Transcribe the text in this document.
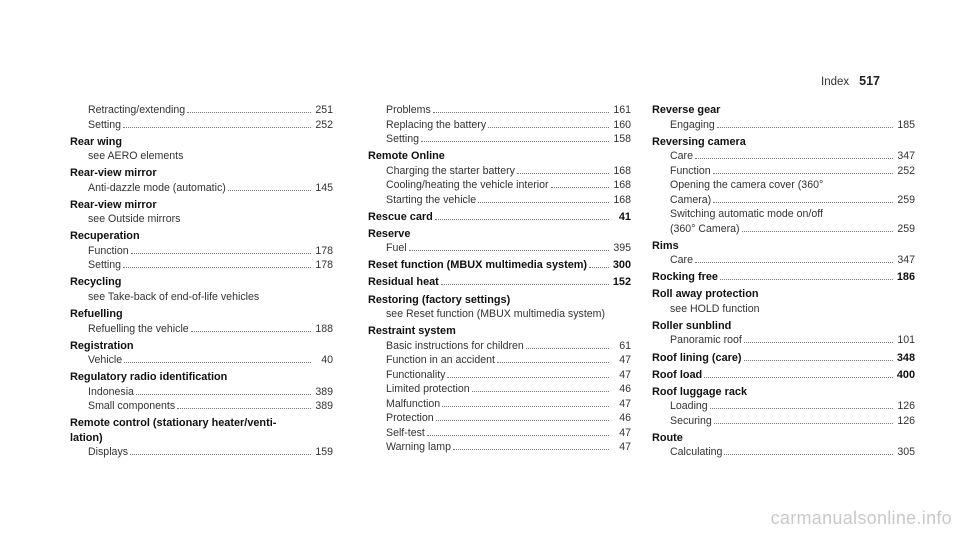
Index 517
Retracting/extending	251
Setting	252
Rear wing
see AERO elements
Rear-view mirror
Anti-dazzle mode (automatic)	145
Rear-view mirror
see Outside mirrors
Recuperation
Function	178
Setting	178
Recycling
see Take-back of end-of-life vehicles
Refuelling
Refuelling the vehicle	188
Registration
Vehicle	40
Regulatory radio identification
Indonesia	389
Small components	389
Remote control (stationary heater/venti-
lation)
Displays	159
Problems	161
Replacing the battery	160
Setting	158
Remote Online
Charging the starter battery	168
Cooling/heating the vehicle interior	168
Starting the vehicle	168
Rescue card	41
Reserve
Fuel	395
Reset function (MBUX multimedia system) 300
Residual heat	152
Restoring (factory settings)
see Reset function (MBUX multimedia system)
Restraint system
Basic instructions for children	61
Function in an accident	47
Functionality	47
Limited protection	46
Malfunction	47
Protection	46
Self-test	47
Warning lamp	47
Reverse gear
Engaging	185
Reversing camera
Care	347
Function	252
Opening the camera cover (360°
Camera)	259
Switching automatic mode on/off
(360° Camera)	259
Rims
Care	347
Rocking free	186
Roll away protection
see HOLD function
Roller sunblind
Panoramic roof	101
Roof lining (care)	348
Roof load	400
Roof luggage rack
Loading	126
Securing	126
Route
Calculating	305
carmanualsonline.info
